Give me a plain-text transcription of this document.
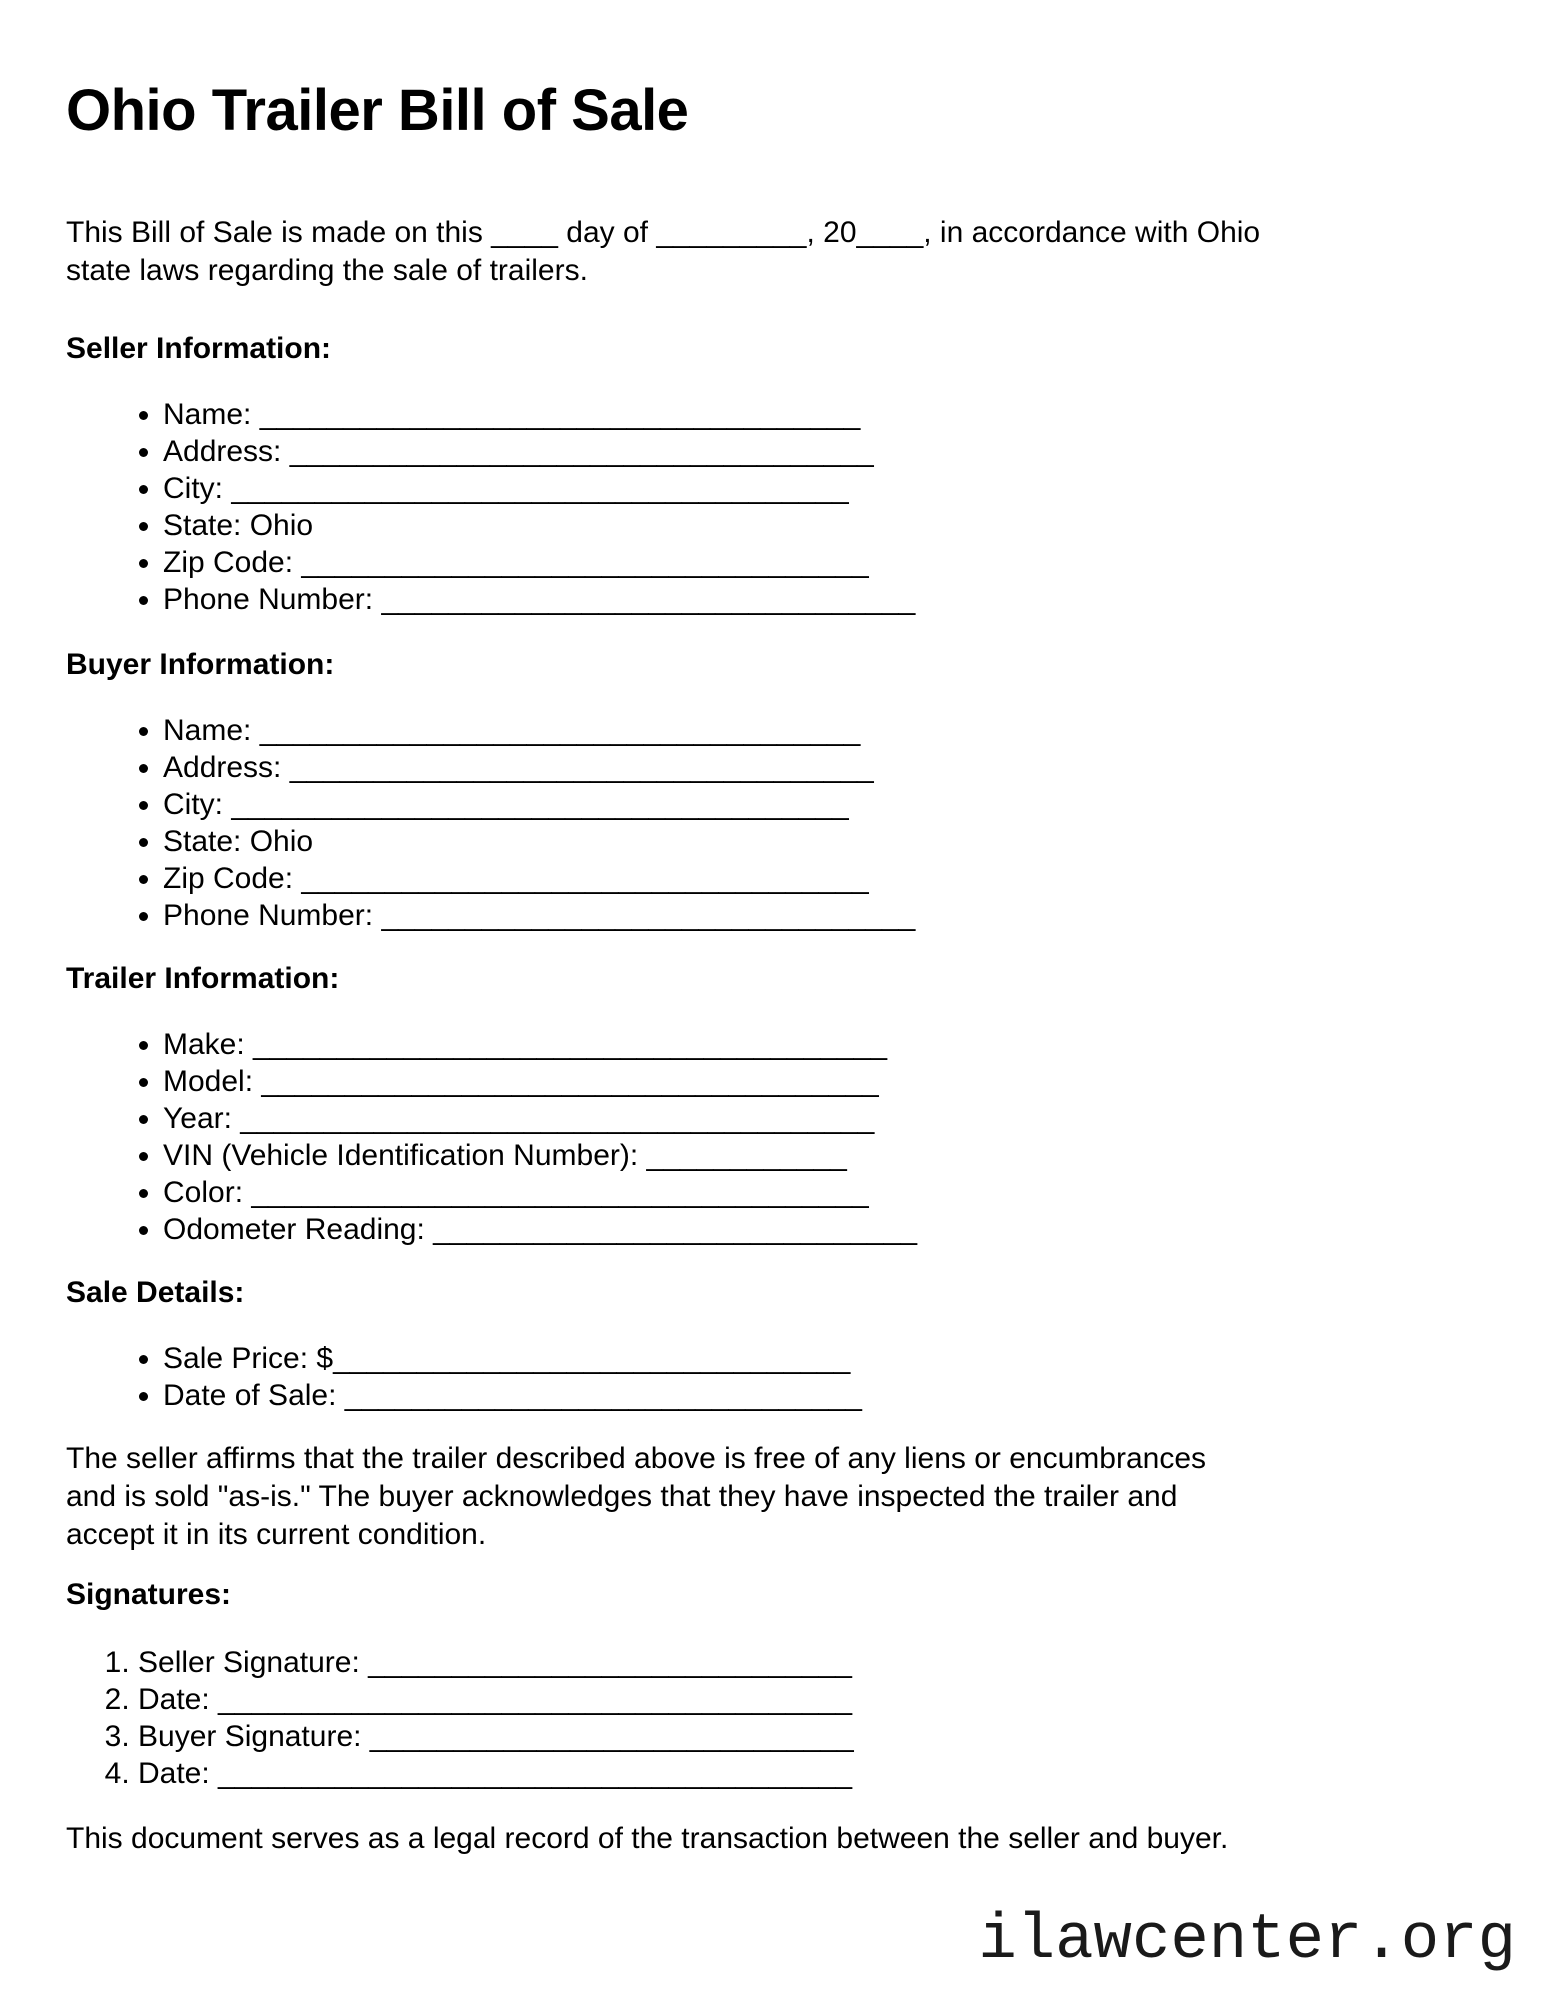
Ohio Trailer Bill of Sale

This Bill of Sale is made on this ____ day of _________, 20____, in accordance with Ohio
state laws regarding the sale of trailers.

Seller Information:
• Name: ____________________________________
• Address: ___________________________________
• City: _____________________________________
• State: Ohio
• Zip Code: __________________________________
• Phone Number: ________________________________
Buyer Information:
• Name: ____________________________________
• Address: ___________________________________
• City: _____________________________________
• State: Ohio
• Zip Code: __________________________________
• Phone Number: ________________________________
Trailer Information:
• Make: ______________________________________
• Model: _____________________________________
• Year: ______________________________________
• VIN (Vehicle Identification Number): ____________
• Color: _____________________________________
• Odometer Reading: _____________________________
Sale Details:
• Sale Price: $_______________________________
• Date of Sale: _______________________________

The seller affirms that the trailer described above is free of any liens or encumbrances
and is sold "as-is." The buyer acknowledges that they have inspected the trailer and
accept it in its current condition.

Signatures:
1. Seller Signature: _____________________________
2. Date: ______________________________________
3. Buyer Signature: _____________________________
4. Date: ______________________________________

This document serves as a legal record of the transaction between the seller and buyer.

ilawcenter.org
